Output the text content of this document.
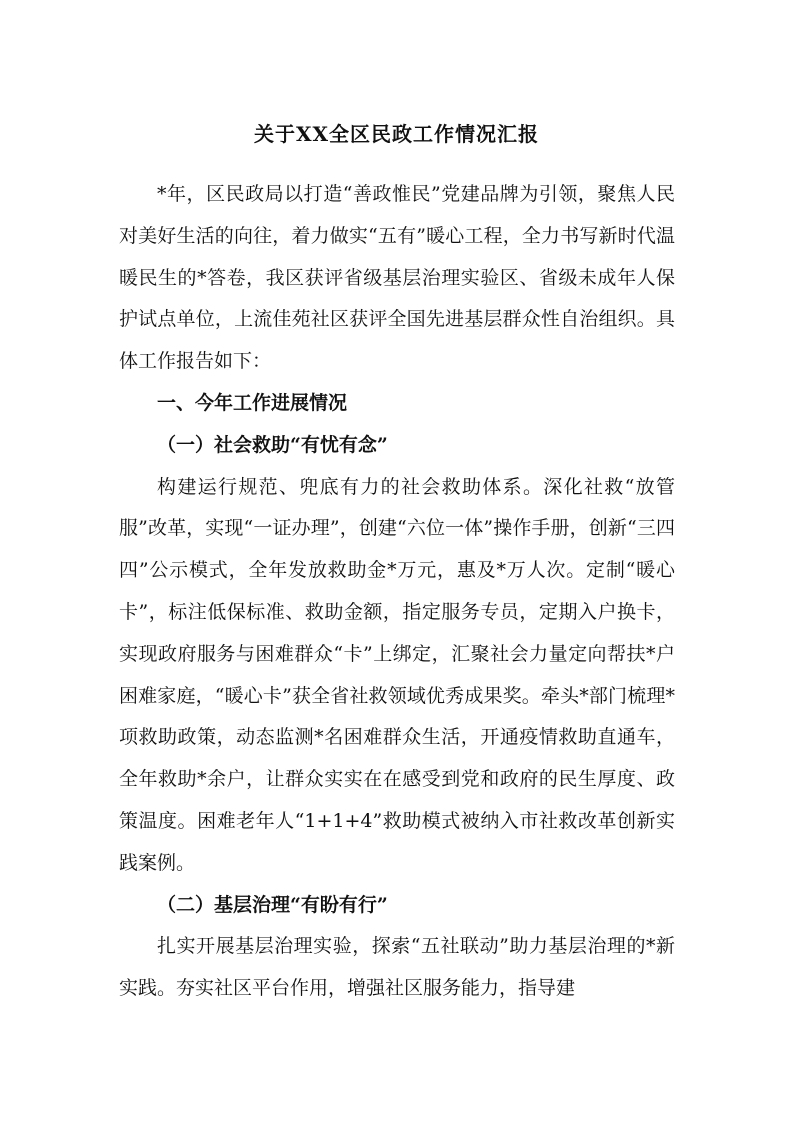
关于XX全区民政工作情况汇报

*年，区民政局以打造“善政惟民”党建品牌为引领，聚焦人民对美好生活的向往，着力做实“五有”暖心工程，全力书写新时代温暖民生的*答卷，我区获评省级基层治理实验区、省级未成年人保护试点单位，上流佳苑社区获评全国先进基层群众性自治组织。具体工作报告如下：

一、今年工作进展情况

（一）社会救助“有忧有念”

构建运行规范、兜底有力的社会救助体系。深化社救“放管服”改革，实现“一证办理”，创建“六位一体”操作手册，创新“三四四”公示模式，全年发放救助金*万元，惠及*万人次。定制“暖心卡”，标注低保标准、救助金额，指定服务专员，定期入户换卡，实现政府服务与困难群众“卡”上绑定，汇聚社会力量定向帮扶*户困难家庭，“暖心卡”获全省社救领域优秀成果奖。牵头*部门梳理*项救助政策，动态监测*名困难群众生活，开通疫情救助直通车，全年救助*余户，让群众实实在在感受到党和政府的民生厚度、政策温度。困难老年人“1+1+4”救助模式被纳入市社救改革创新实践案例。

（二）基层治理“有盼有行”

扎实开展基层治理实验，探索“五社联动”助力基层治理的*新实践。夯实社区平台作用，增强社区服务能力，指导建
